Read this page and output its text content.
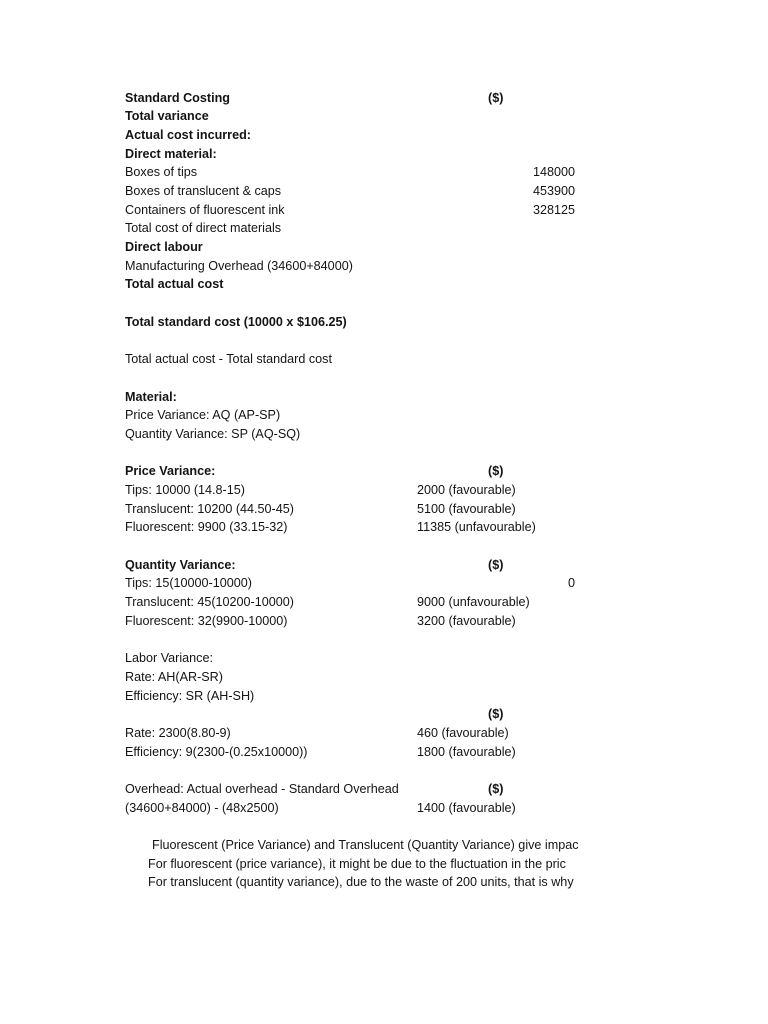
Standard Costing	($)
Total variance
Actual cost incurred:
Direct material:
Boxes of tips	148000
Boxes of translucent & caps	453900
Containers of fluorescent ink	328125
Total cost of direct materials
Direct labour
Manufacturing Overhead (34600+84000)
Total actual cost
Total standard cost (10000 x $106.25)
Total actual cost - Total standard cost
Material:
Price Variance: AQ (AP-SP)
Quantity Variance: SP (AQ-SQ)
Price Variance:	($)
Tips: 10000 (14.8-15)	2000 (favourable)
Translucent: 10200 (44.50-45)	5100 (favourable)
Fluorescent: 9900 (33.15-32)	11385 (unfavourable)
Quantity Variance:	($)
Tips: 15(10000-10000)	0
Translucent: 45(10200-10000)	9000 (unfavourable)
Fluorescent: 32(9900-10000)	3200 (favourable)
Labor Variance:
Rate: AH(AR-SR)
Efficiency: SR (AH-SH)
($)
Rate: 2300(8.80-9)	460 (favourable)
Efficiency: 9(2300-(0.25x10000))	1800 (favourable)
Overhead: Actual overhead - Standard Overhead	($)
(34600+84000) - (48x2500)	1400 (favourable)
Fluorescent (Price Variance) and Translucent (Quantity Variance) give impac
For fluorescent (price variance), it might be due to the fluctuation in the pric
For translucent (quantity variance), due to the waste of 200 units, that is why
